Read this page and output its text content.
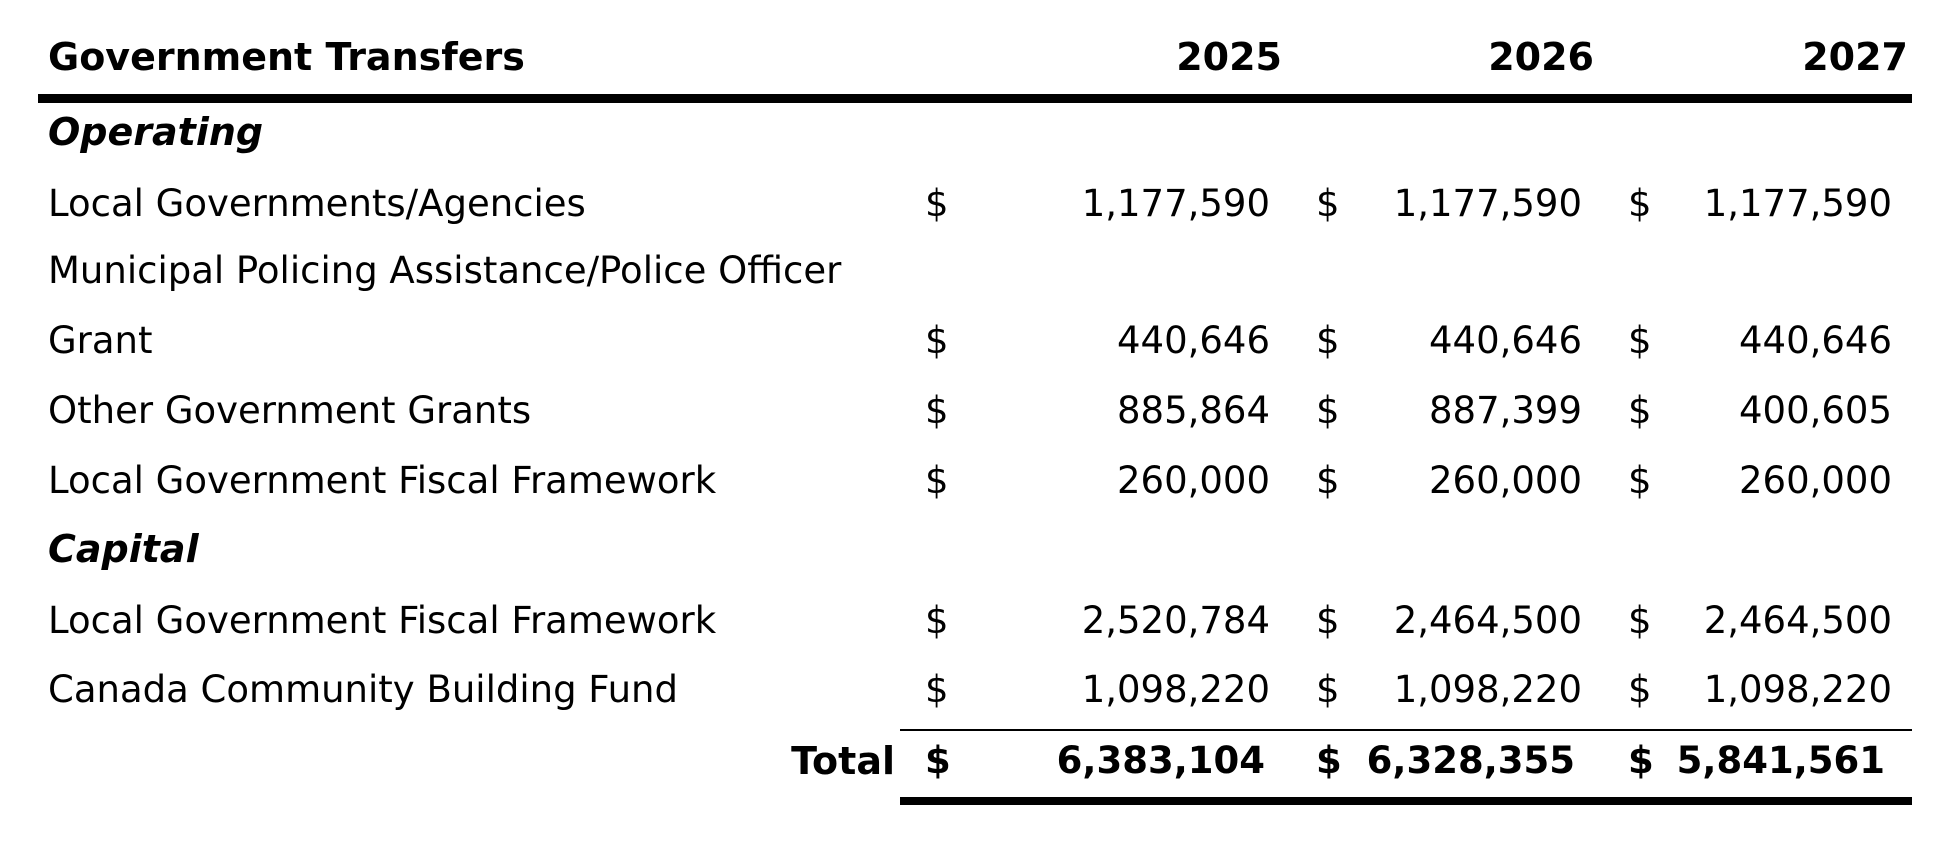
Government Transfers	2025	2026	2027
Operating
Local Governments/Agencies	$	1,177,590 $ 1,177,590 $ 1,177,590
Municipal Policing Assistance/Police Officer
Grant	$	440,646 $	440,646 $	440,646
Other Government Grants	$	885,864 $	887,399 $	400,605
Local Government Fiscal Framework	$	260,000 $	260,000 $	260,000
Capital
Local Government Fiscal Framework	$	2,520,784 $ 2,464,500 $ 2,464,500
Canada Community Building Fund	$	1,098,220 $ 1,098,220 $ 1,098,220
Total $	6,383,104 $ 6,328,355 $ 5,841,561
